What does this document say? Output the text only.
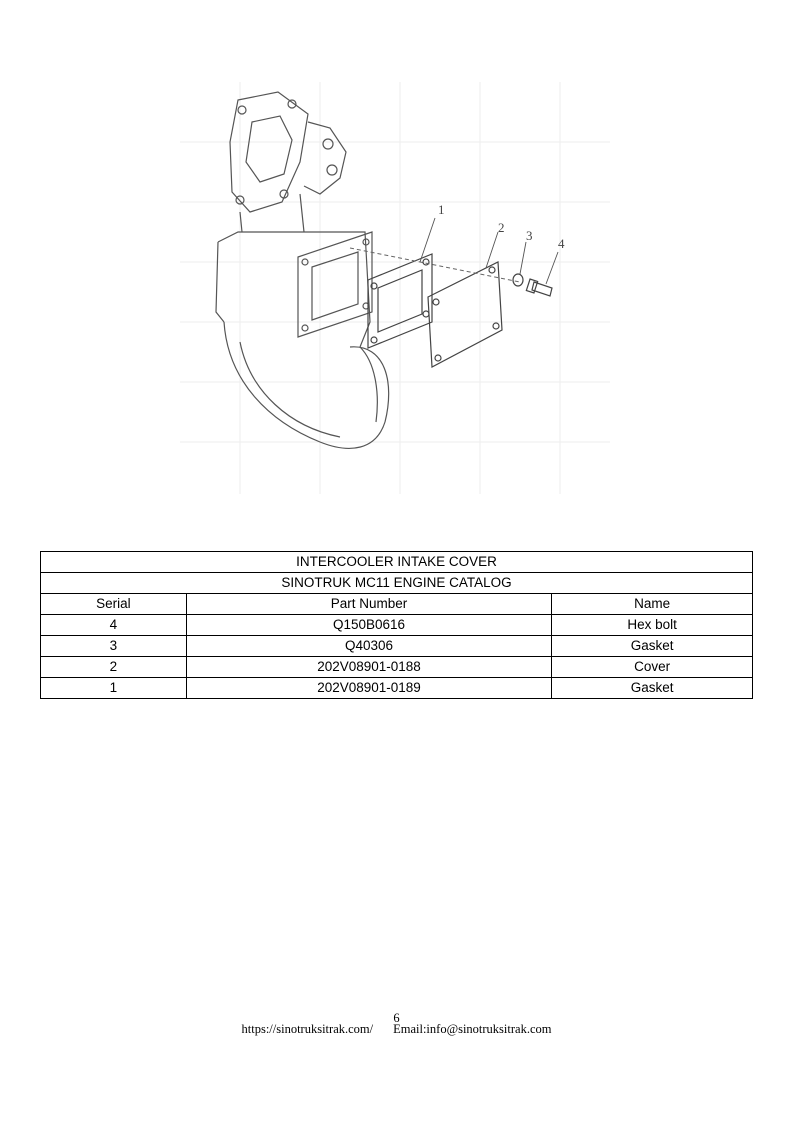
1
2
3
4
INTERCOOLER INTAKE COVER		
SINOTRUK MC11 ENGINE CATALOG		
Serial	Part Number	Name
4	Q150B0616	Hex bolt
3	Q40306	Gasket
2	202V08901-0188	Cover
1	202V08901-0189	Gasket
6
https://sinotruksitrak.com/ Email:info@sinotruksitrak.com
